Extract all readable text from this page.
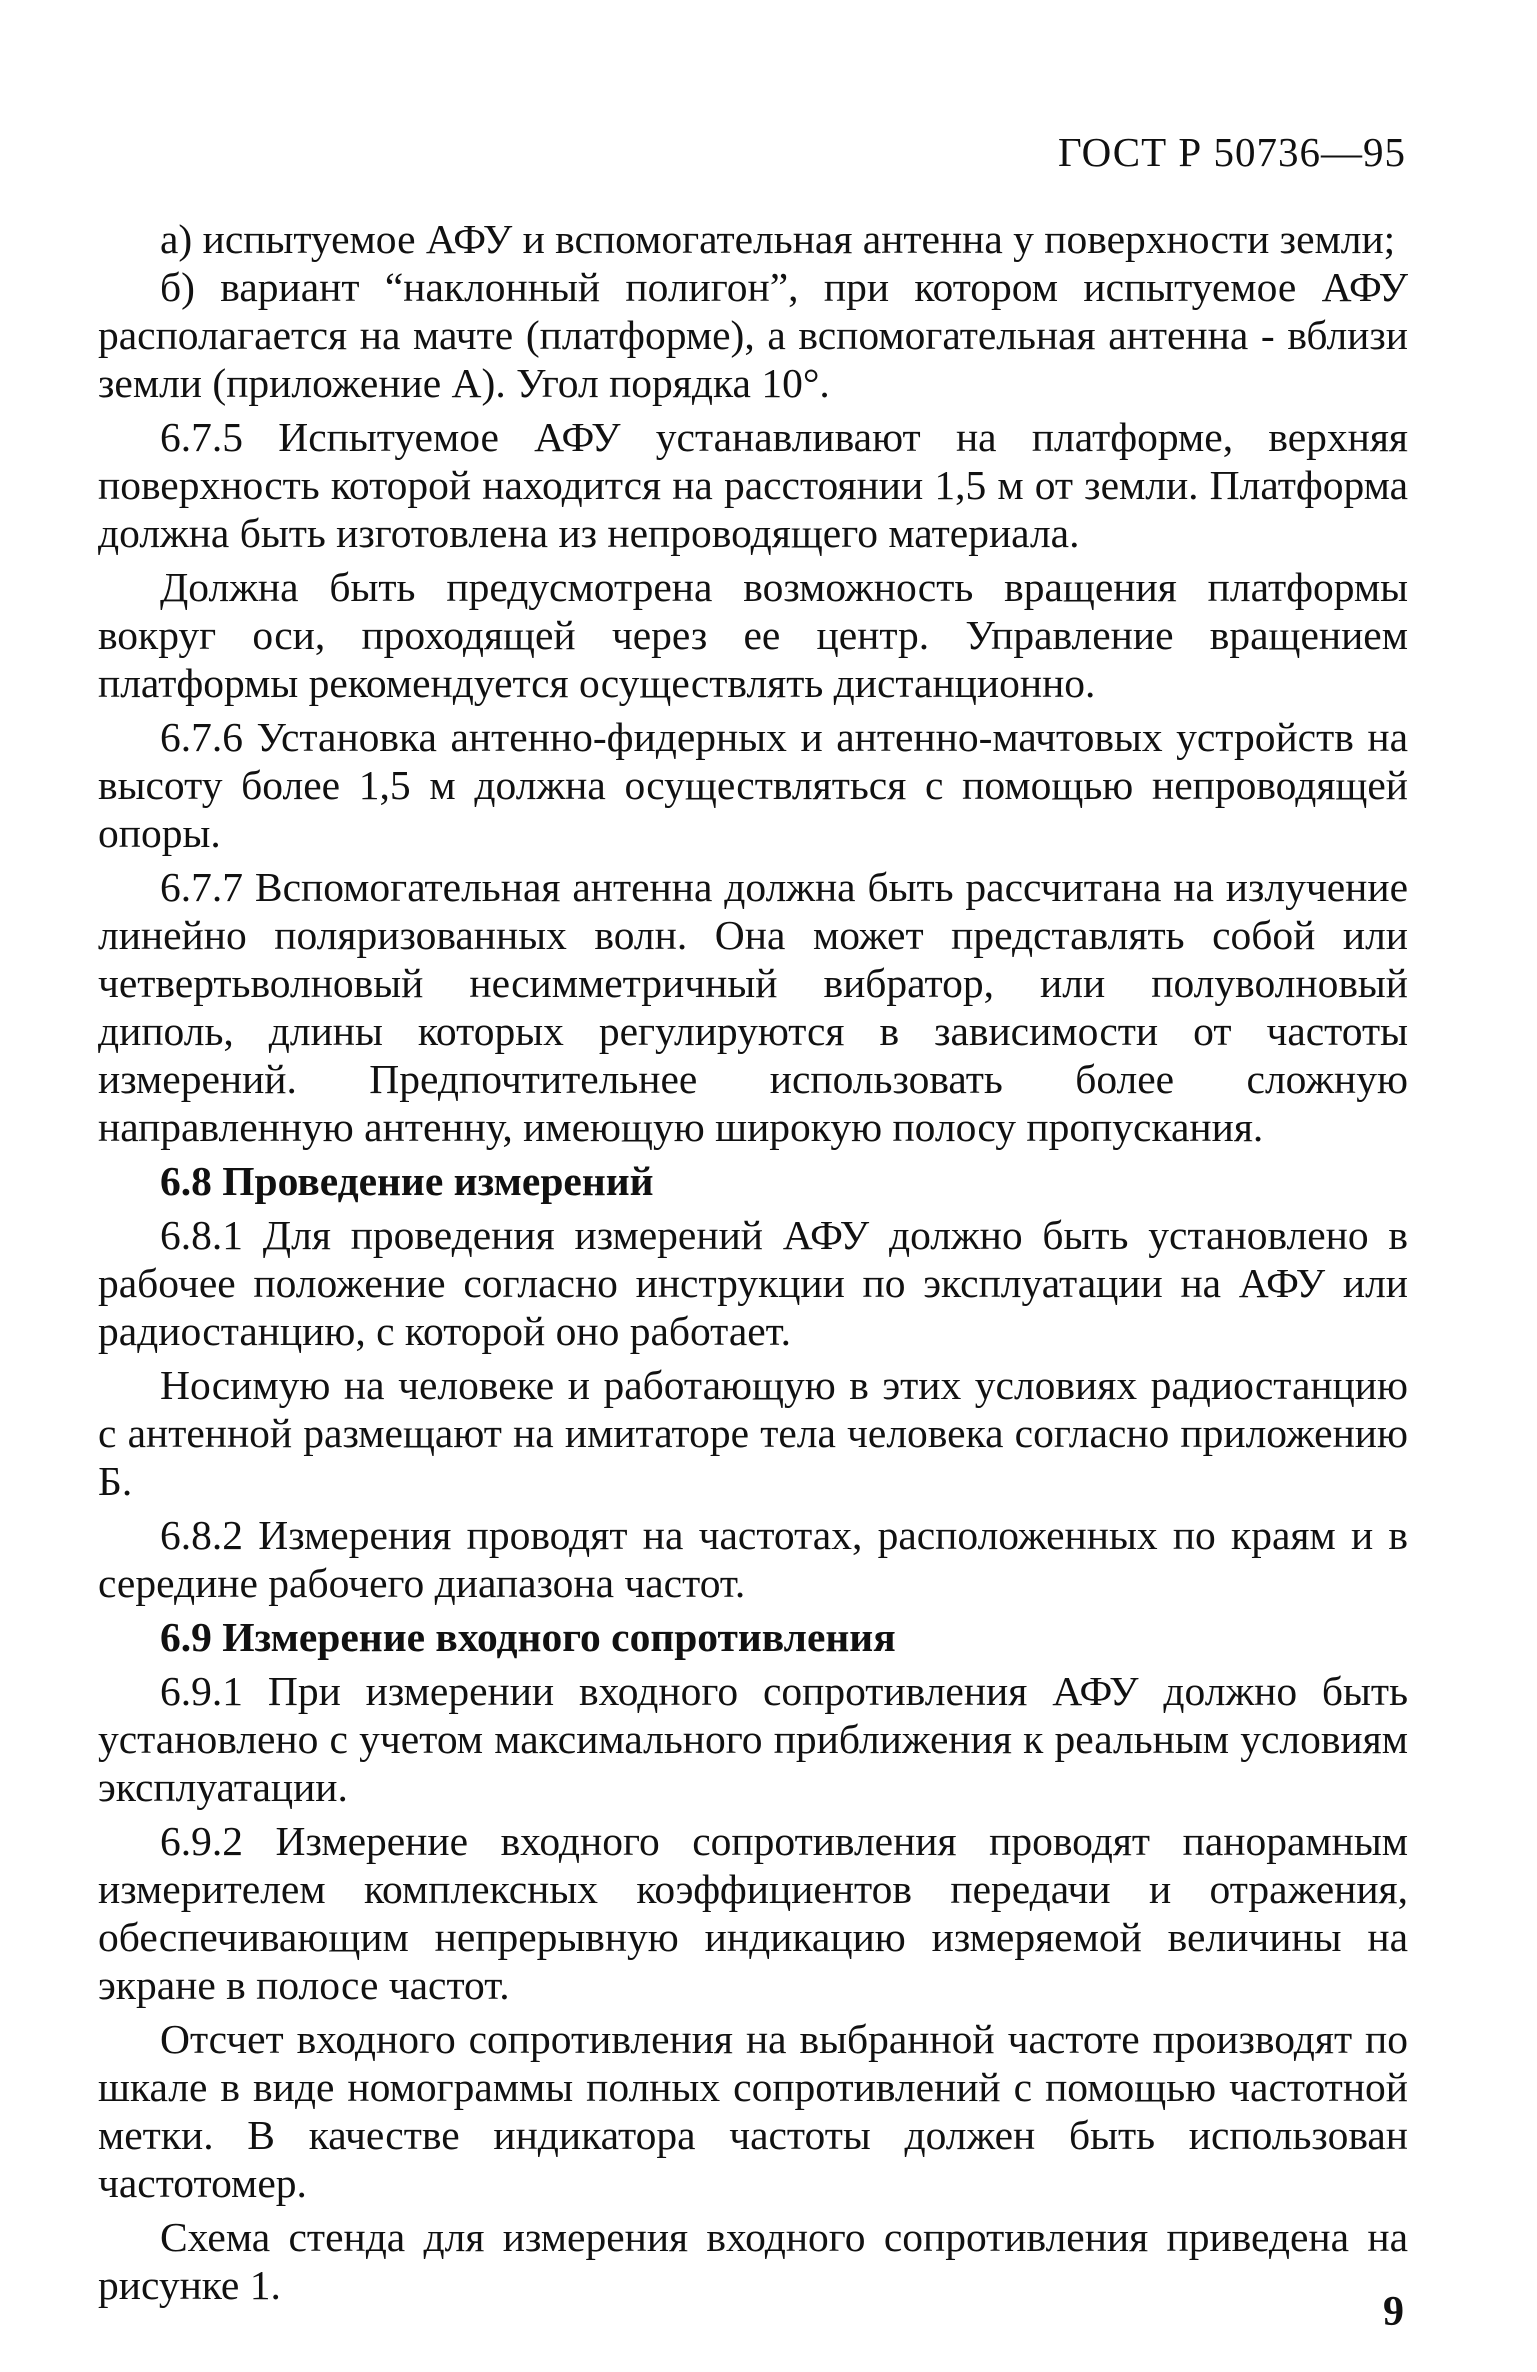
ГОСТ Р 50736—95

а) испытуемое АФУ и вспомогательная антенна у поверхности земли;

б) вариант “наклонный полигон”, при котором испытуемое АФУ располагается на мачте (платформе), а вспомогательная антенна - вблизи земли (приложение А). Угол порядка 10°.

6.7.5 Испытуемое АФУ устанавливают на платформе, верхняя поверхность которой находится на расстоянии 1,5 м от земли. Платформа должна быть изготовлена из непроводящего материала.

Должна быть предусмотрена возможность вращения платформы вокруг оси, проходящей через ее центр. Управление вращением платформы рекомендуется осуществлять дистанционно.

6.7.6 Установка антенно-фидерных и антенно-мачтовых устройств на высоту более 1,5 м должна осуществляться с помощью непроводящей опоры.

6.7.7 Вспомогательная антенна должна быть рассчитана на излучение линейно поляризованных волн. Она может представлять собой или четвертьволновый несимметричный вибратор, или полуволновый диполь, длины которых регулируются в зависимости от частоты измерений. Предпочтительнее использовать более сложную направленную антенну, имеющую широкую полосу пропускания.

6.8 Проведение измерений

6.8.1 Для проведения измерений АФУ должно быть установлено в рабочее положение согласно инструкции по эксплуатации на АФУ или радиостанцию, с которой оно работает.

Носимую на человеке и работающую в этих условиях радиостанцию с антенной размещают на имитаторе тела человека согласно приложению Б.

6.8.2 Измерения проводят на частотах, расположенных по краям и в середине рабочего диапазона частот.

6.9 Измерение входного сопротивления

6.9.1 При измерении входного сопротивления АФУ должно быть установлено с учетом максимального приближения к реальным условиям эксплуатации.

6.9.2 Измерение входного сопротивления проводят панорамным измерителем комплексных коэффициентов передачи и отражения, обеспечивающим непрерывную индикацию измеряемой величины на экране в полосе частот.

Отсчет входного сопротивления на выбранной частоте производят по шкале в виде номограммы полных сопротивлений с помощью частотной метки. В качестве индикатора частоты должен быть использован частотомер.

Схема стенда для измерения входного сопротивления приведена на рисунке 1.

9
